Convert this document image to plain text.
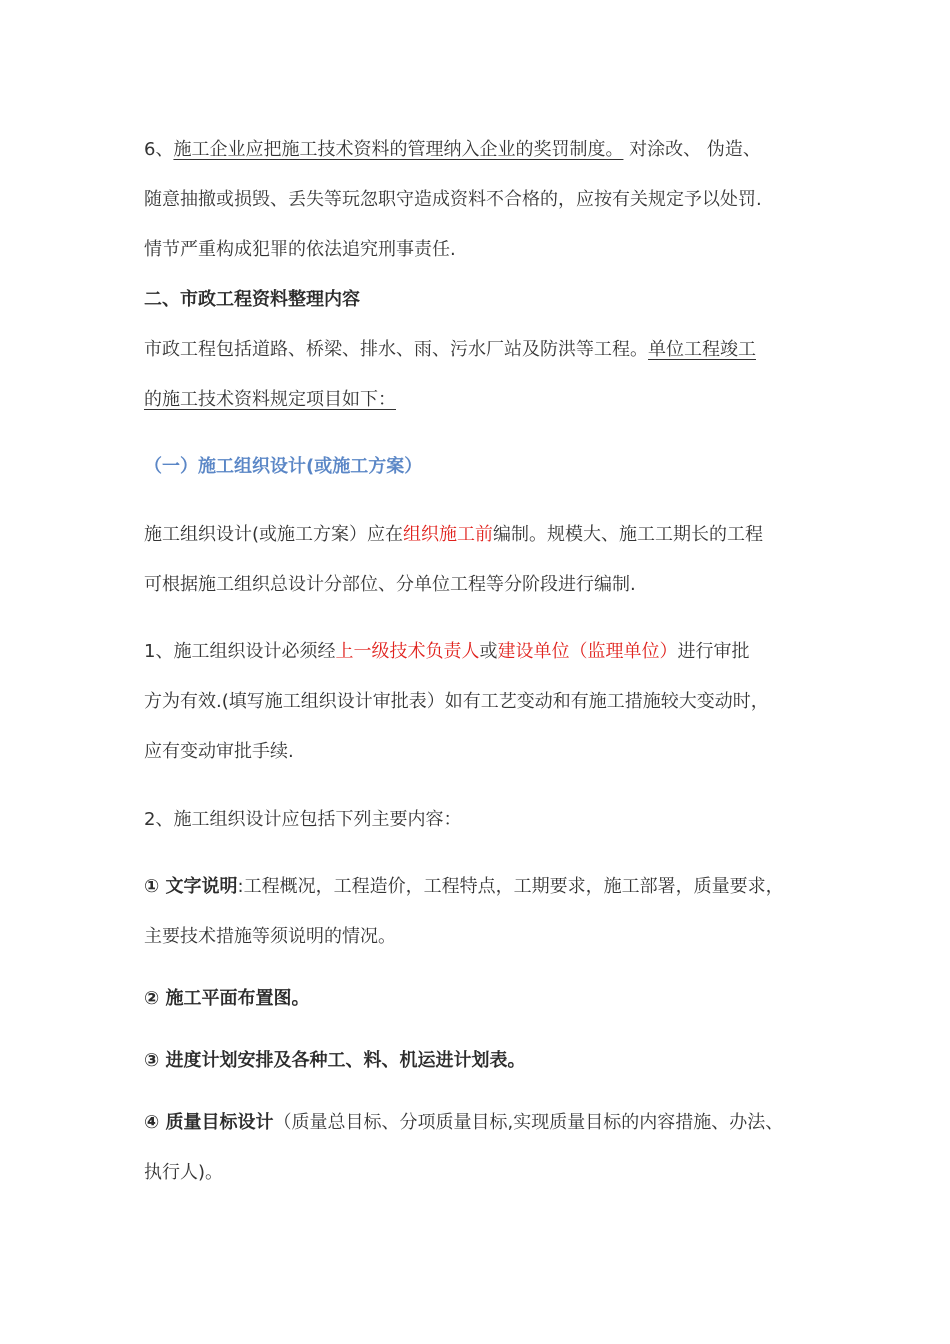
6、施工企业应把施工技术资料的管理纳入企业的奖罚制度。 对涂改、 伪造、

随意抽撤或损毁、丢失等玩忽职守造成资料不合格的，应按有关规定予以处罚.

情节严重构成犯罪的依法追究刑事责任.

二、市政工程资料整理内容

市政工程包括道路、桥梁、排水、雨、污水厂站及防洪等工程。单位工程竣工

的施工技术资料规定项目如下：

（一）施工组织设计(或施工方案）

施工组织设计(或施工方案）应在组织施工前编制。规模大、施工工期长的工程

可根据施工组织总设计分部位、分单位工程等分阶段进行编制.

1、施工组织设计必须经上一级技术负责人或建设单位（监理单位）进行审批

方为有效.(填写施工组织设计审批表）如有工艺变动和有施工措施较大变动时，

应有变动审批手续.

2、施工组织设计应包括下列主要内容：

① 文字说明:工程概况，工程造价，工程特点，工期要求，施工部署，质量要求，

主要技术措施等须说明的情况。

② 施工平面布置图。

③ 进度计划安排及各种工、料、机运进计划表。

④ 质量目标设计（质量总目标、分项质量目标,实现质量目标的内容措施、办法、

执行人)。
